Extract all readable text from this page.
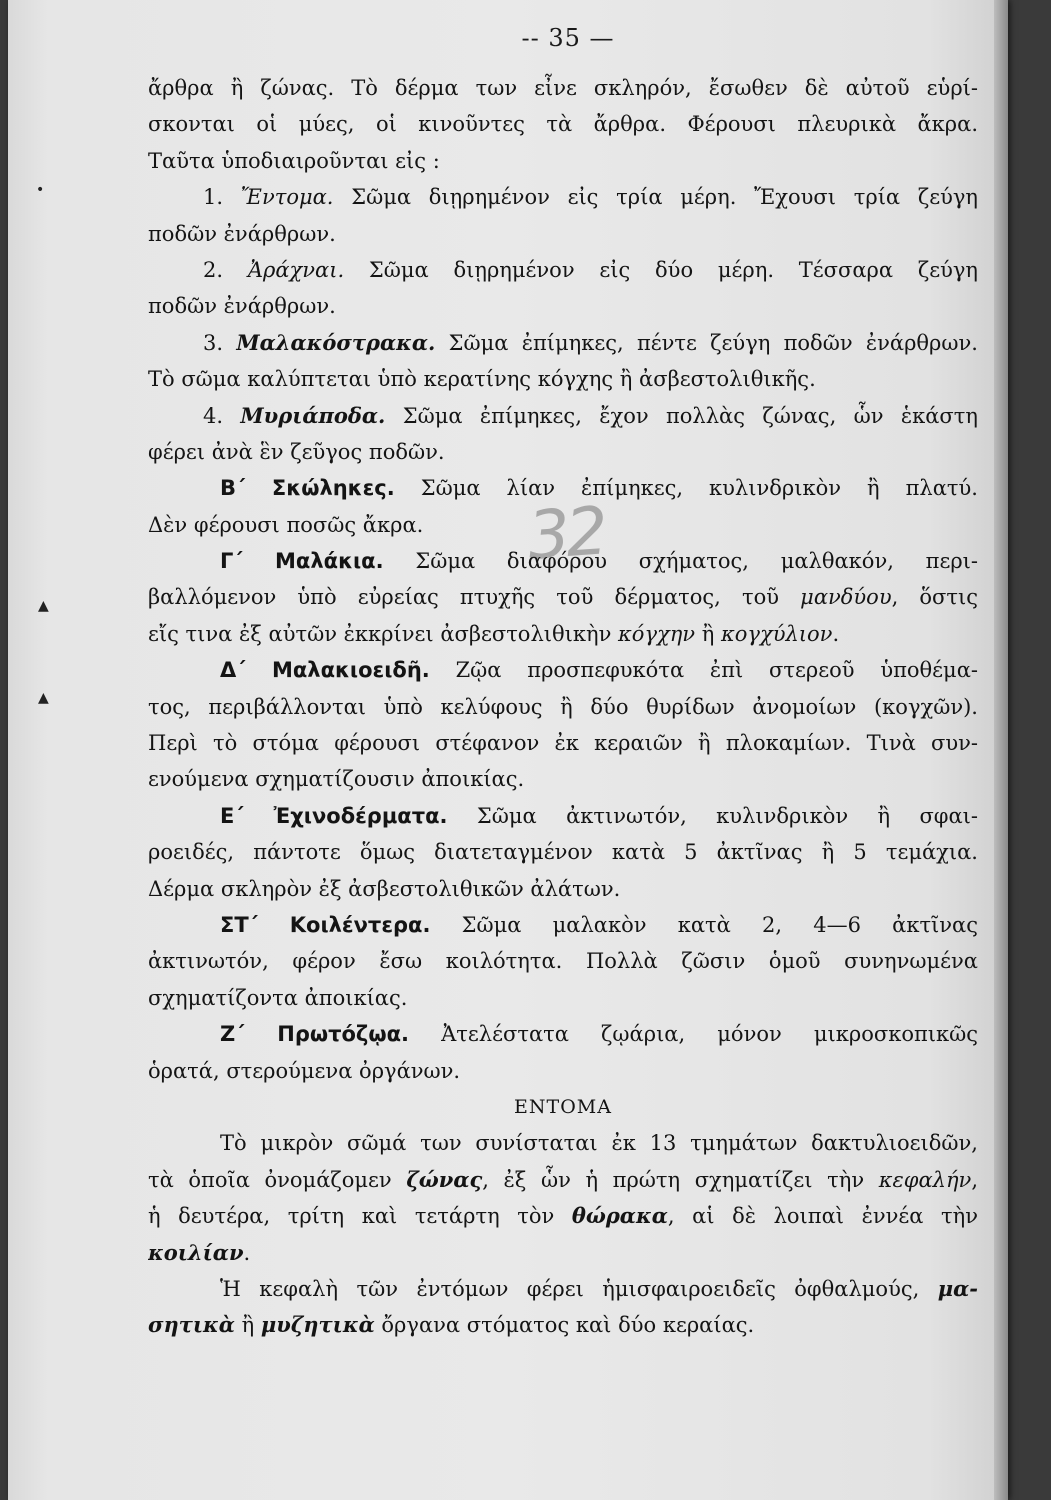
-- 35 —
32
•
▲
▲
ἄρθρα ἢ ζώνας. Τὸ δέρμα των εἶνε σκληρόν, ἔσωθεν δὲ αὐτοῦ εὑρί-
σκονται οἱ μύες, οἱ κινοῦντες τὰ ἄρθρα. Φέρουσι πλευρικὰ ἄκρα.
Ταῦτα ὑποδιαιροῦνται εἰς :
1. Ἔντομα. Σῶμα διῃρημένον εἰς τρία μέρη. Ἔχουσι τρία ζεύγη
ποδῶν ἐνάρθρων.
2. Ἀράχναι. Σῶμα διῃρημένον εἰς δύο μέρη. Τέσσαρα ζεύγη
ποδῶν ἐνάρθρων.
3. Μαλακόστρακα. Σῶμα ἐπίμηκες, πέντε ζεύγη ποδῶν ἐνάρθρων.
Τὸ σῶμα καλύπτεται ὑπὸ κερατίνης κόγχης ἢ ἀσβεστολιθικῆς.
4. Μυριάποδα. Σῶμα ἐπίμηκες, ἔχον πολλὰς ζώνας, ὧν ἑκάστη
φέρει ἀνὰ ἓν ζεῦγος ποδῶν.
Β΄ Σκώληκες. Σῶμα λίαν ἐπίμηκες, κυλινδρικὸν ἢ πλατύ.
Δὲν φέρουσι ποσῶς ἄκρα.
Γ΄ Μαλάκια. Σῶμα διαφόρου σχήματος, μαλθακόν, περι-
βαλλόμενον ὑπὸ εὐρείας πτυχῆς τοῦ δέρματος, τοῦ μανδύου, ὅστις
εἴς τινα ἐξ αὐτῶν ἐκκρίνει ἀσβεστολιθικὴν κόγχην ἢ κογχύλιον.
Δ΄ Μαλακιοειδῆ. Ζῷα προσπεφυκότα ἐπὶ στερεοῦ ὑποθέμα-
τος, περιβάλλονται ὑπὸ κελύφους ἢ δύο θυρίδων ἀνομοίων (κογχῶν).
Περὶ τὸ στόμα φέρουσι στέφανον ἐκ κεραιῶν ἢ πλοκαμίων. Τινὰ συν-
ενούμενα σχηματίζουσιν ἀποικίας.
Ε΄ Ἐχινοδέρματα. Σῶμα ἀκτινωτόν, κυλινδρικὸν ἢ σφαι-
ροειδές, πάντοτε ὅμως διατεταγμένον κατὰ 5 ἀκτῖνας ἢ 5 τεμάχια.
Δέρμα σκληρὸν ἐξ ἀσβεστολιθικῶν ἀλάτων.
ΣΤ΄ Κοιλέντερα. Σῶμα μαλακὸν κατὰ 2, 4—6 ἀκτῖνας
ἀκτινωτόν, φέρον ἔσω κοιλότητα. Πολλὰ ζῶσιν ὁμοῦ συνηνωμένα
σχηματίζοντα ἀποικίας.
Ζ΄ Πρωτόζῳα. Ἀτελέστατα ζῳάρια, μόνον μικροσκοπικῶς
ὁρατά, στερούμενα ὀργάνων.
ΕΝΤΟΜΑ
Τὸ μικρὸν σῶμά των συνίσταται ἐκ 13 τμημάτων δακτυλιοειδῶν,
τὰ ὁποῖα ὀνομάζομεν ζώνας, ἐξ ὧν ἡ πρώτη σχηματίζει τὴν κεφαλήν,
ἡ δευτέρα, τρίτη καὶ τετάρτη τὸν θώρακα, αἱ δὲ λοιπαὶ ἐννέα τὴν
κοιλίαν.
Ἡ κεφαλὴ τῶν ἐντόμων φέρει ἡμισφαιροειδεῖς ὀφθαλμούς, μα-
σητικὰ ἢ μυζητικὰ ὄργανα στόματος καὶ δύο κεραίας.
